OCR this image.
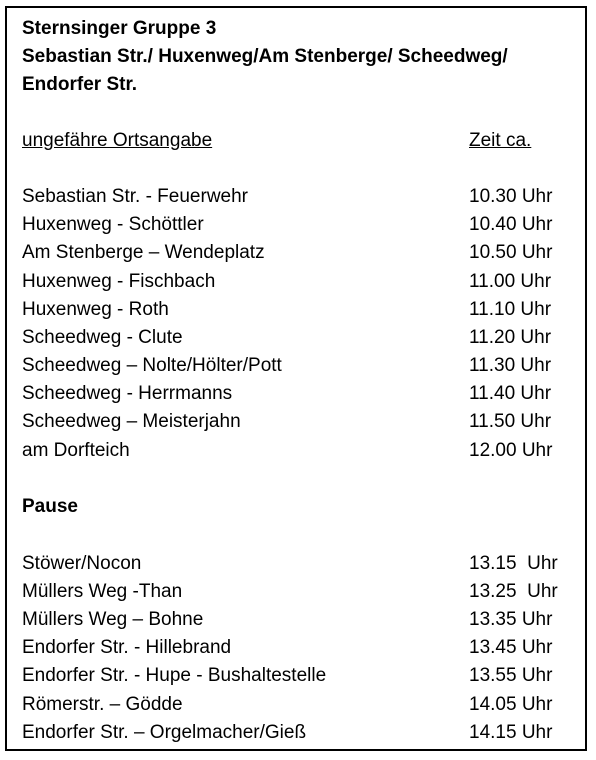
Sternsinger Gruppe 3
Sebastian Str./ Huxenweg/Am Stenberge/ Scheedweg/
Endorfer Str.
ungefähre Ortsangabe	Zeit ca.
Sebastian Str. - Feuerwehr	10.30 Uhr
Huxenweg - Schöttler	10.40 Uhr
Am Stenberge – Wendeplatz	10.50 Uhr
Huxenweg - Fischbach	11.00 Uhr
Huxenweg - Roth	11.10 Uhr
Scheedweg - Clute	11.20 Uhr
Scheedweg – Nolte/Hölter/Pott	11.30 Uhr
Scheedweg - Herrmanns	11.40 Uhr
Scheedweg – Meisterjahn	11.50 Uhr
am Dorfteich	12.00 Uhr
Pause
Stöwer/Nocon	13.15  Uhr
Müllers Weg -Than	13.25  Uhr
Müllers Weg – Bohne	13.35 Uhr
Endorfer Str. - Hillebrand	13.45 Uhr
Endorfer Str. - Hupe - Bushaltestelle	13.55 Uhr
Römerstr. – Gödde	14.05 Uhr
Endorfer Str. – Orgelmacher/Gieß	14.15 Uhr
